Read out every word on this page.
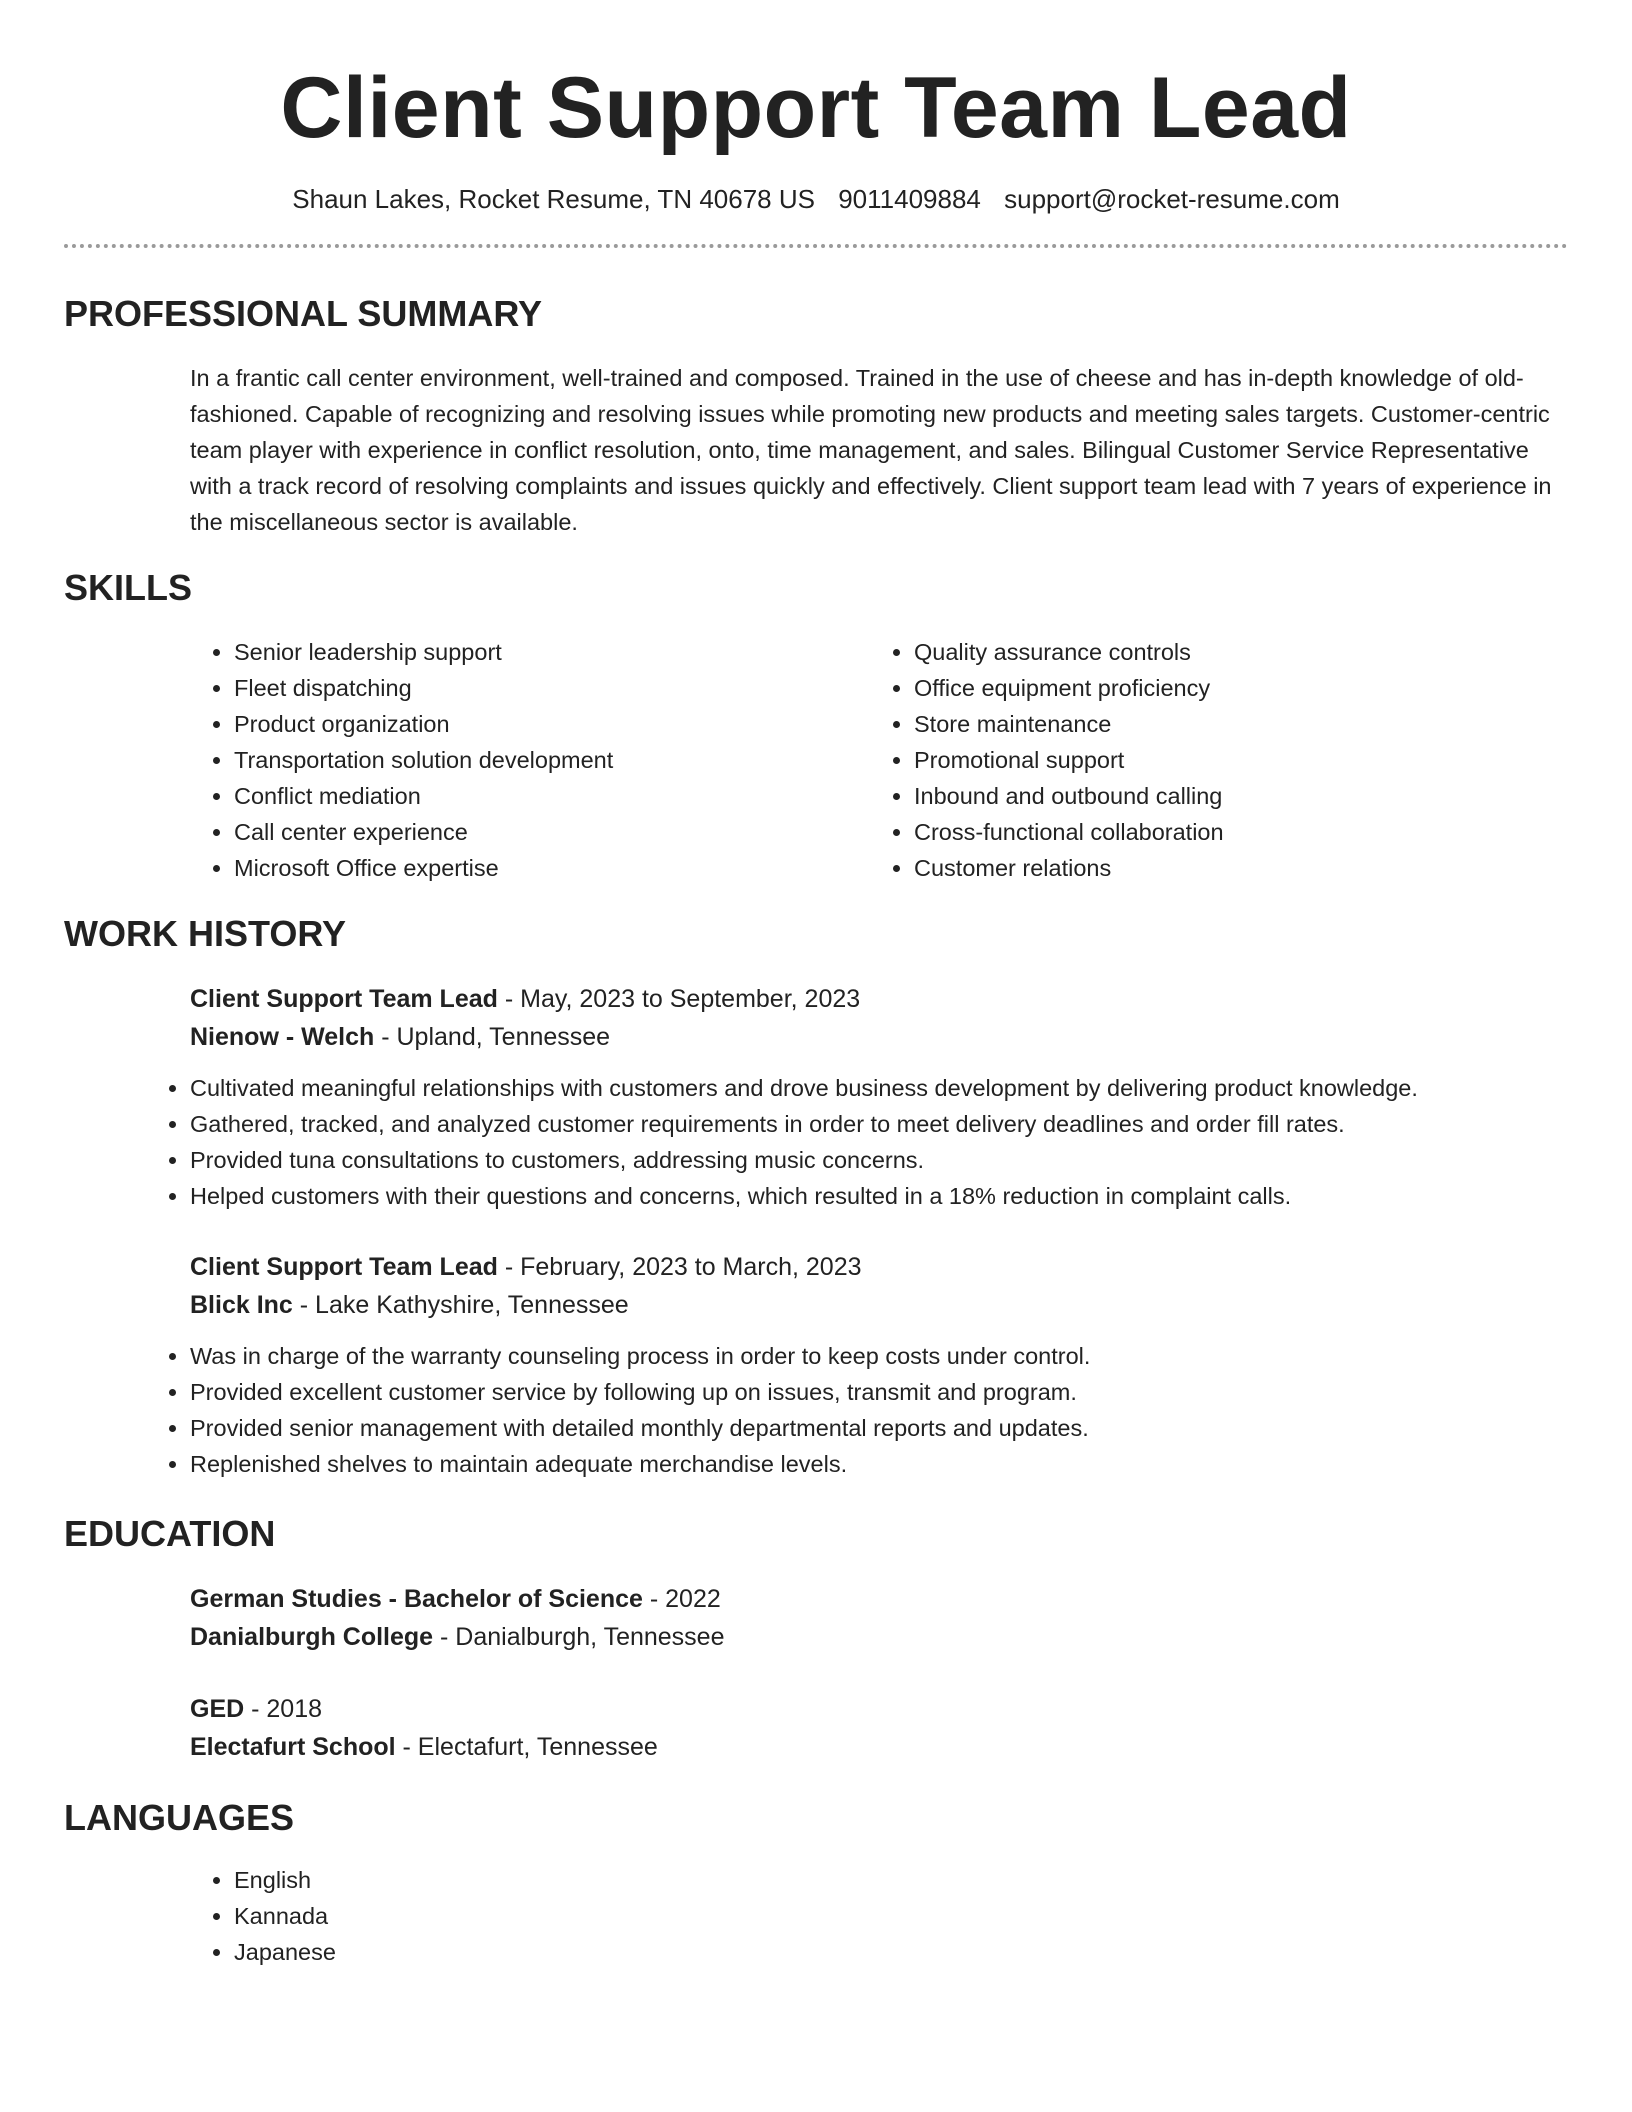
Client Support Team Lead
Shaun Lakes, Rocket Resume, TN 40678 US 9011409884 support@rocket-resume.com
PROFESSIONAL SUMMARY

In a frantic call center environment, well-trained and composed. Trained in the use of cheese and has in-depth knowledge of old-fashioned. Capable of recognizing and resolving issues while promoting new products and meeting sales targets. Customer-centric team player with experience in conflict resolution, onto, time management, and sales. Bilingual Customer Service Representative with a track record of resolving complaints and issues quickly and effectively. Client support team lead with 7 years of experience in the miscellaneous sector is available.

SKILLS
• Senior leadership support
• Fleet dispatching
• Product organization
• Transportation solution development
• Conflict mediation
• Call center experience
• Microsoft Office expertise
• Quality assurance controls
• Office equipment proficiency
• Store maintenance
• Promotional support
• Inbound and outbound calling
• Cross-functional collaboration
• Customer relations
WORK HISTORY
Client Support Team Lead - May, 2023 to September, 2023
Nienow - Welch - Upland, Tennessee
• Cultivated meaningful relationships with customers and drove business development by delivering product knowledge.
• Gathered, tracked, and analyzed customer requirements in order to meet delivery deadlines and order fill rates.
• Provided tuna consultations to customers, addressing music concerns.
• Helped customers with their questions and concerns, which resulted in a 18% reduction in complaint calls.
Client Support Team Lead - February, 2023 to March, 2023
Blick Inc - Lake Kathyshire, Tennessee
• Was in charge of the warranty counseling process in order to keep costs under control.
• Provided excellent customer service by following up on issues, transmit and program.
• Provided senior management with detailed monthly departmental reports and updates.
• Replenished shelves to maintain adequate merchandise levels.
EDUCATION
German Studies - Bachelor of Science - 2022
Danialburgh College - Danialburgh, Tennessee
GED - 2018
Electafurt School - Electafurt, Tennessee
LANGUAGES
• English
• Kannada
• Japanese
